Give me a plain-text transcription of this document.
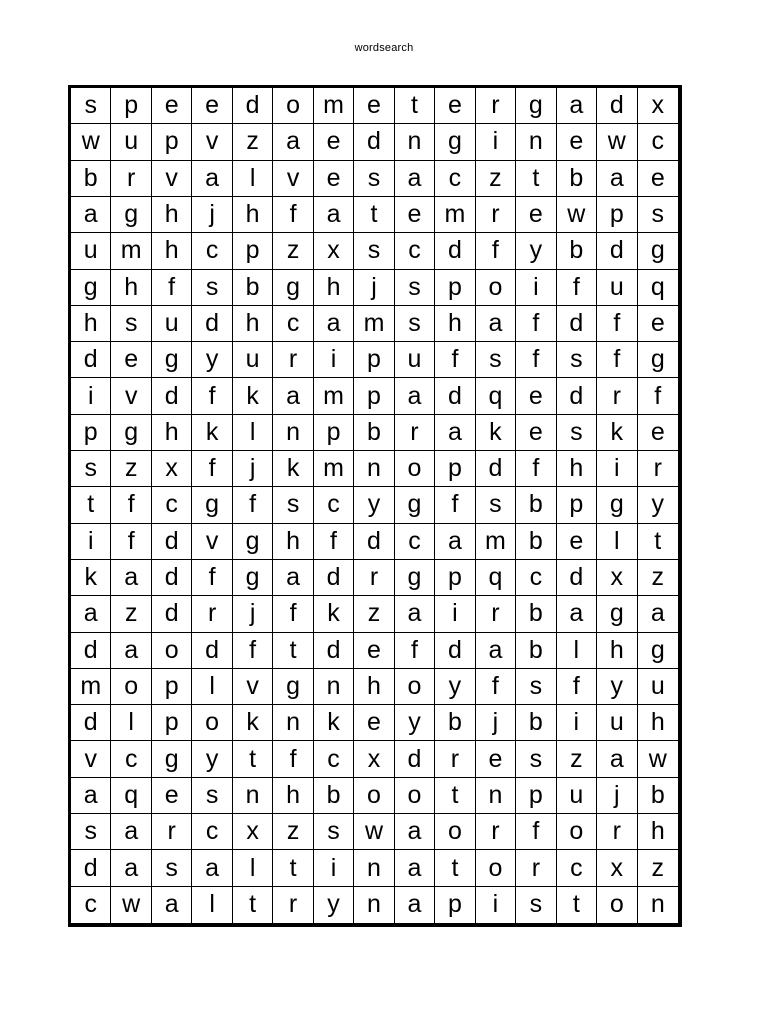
wordsearch
s	p	e	e	d	o m e	t	e	r	g	a	d	x
w u	p	v	z	a	e	d	n	g	i	n	e w	c
b	r	v	a	l	v	e	s	a	c	z	t	b	a	e
a	g	h	j	h	f	a	t	e m	r	e w p	s
u m h	c	p	z	x	s	c	d	f	y	b	d	g
g	h	f	s	b	g	h	j	s	p	o	i	f	u	q
h	s	u	d	h	c	a m s	h	a	f	d	f	e
d	e	g	y	u	r	i	p	u	f	s	f	s	f	g
i	v	d	f	k	a m p	a	d	q	e	d	r	f
p	g	h	k	l	n	p	b	r	a	k	e	s	k	e
s	z	x	f	j	k m n	o	p	d	f	h	i	r
t	f	c	g	f	s	c	y	g	f	s	b	p	g	y
i	f	d	v	g	h	f	d	c	a m b	e	l	t
k	a	d	f	g	a	d	r	g	p	q	c	d	x	z
a	z	d	r	j	f	k	z	a	i	r	b	a	g	a
d	a	o	d	f	t	d	e	f	d	a	b	l	h	g
m o	p	l	v	g	n	h	o	y	f	s	f	y	u
d	l	p	o	k	n	k	e	y	b	j	b	i	u	h
v	c	g	y	t	f	c	x	d	r	e	s	z	a w
a	q	e	s	n	h	b	o	o	t	n	p	u	j	b
s	a	r	c	x	z	s	w a	o	r	f	o	r	h
d	a	s	a	l	t	i	n	a	t	o	r	c	x	z
c	w a	l	t	r	y	n	a	p	i	s	t	o	n
